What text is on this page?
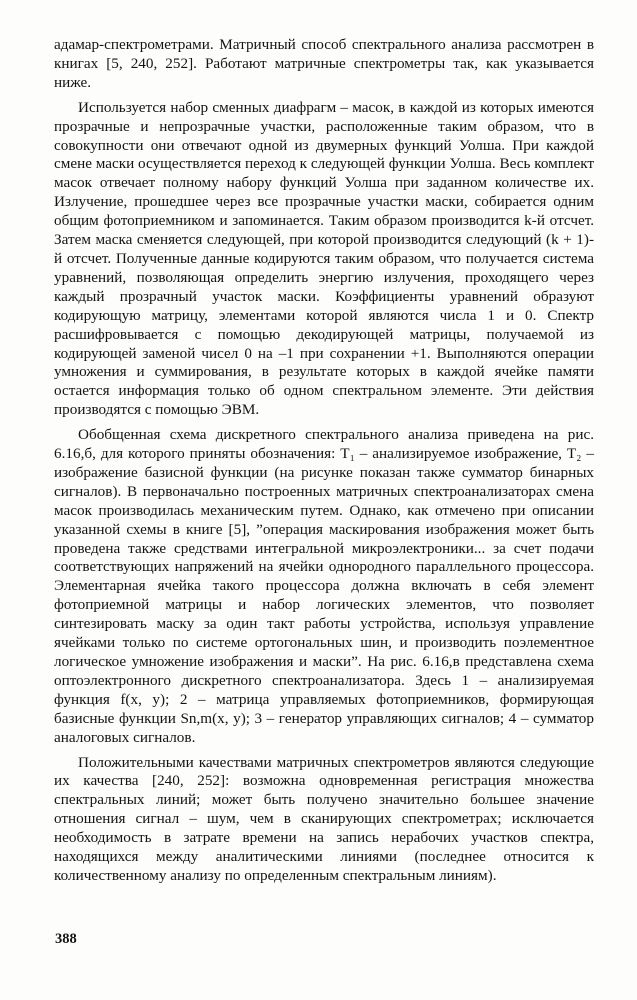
адамар-спектрометрами. Матричный способ спектрального анализа рассмотрен в книгах [5, 240, 252]. Работают матричные спектрометры так, как указывается ниже.

Используется набор сменных диафрагм – масок, в каждой из которых имеются прозрачные и непрозрачные участки, расположенные таким образом, что в совокупности они отвечают одной из двумерных функций Уолша. При каждой смене маски осуществляется переход к следующей функции Уолша. Весь комплект масок отвечает полному набору функций Уолша при заданном количестве их. Излучение, прошедшее через все прозрачные участки маски, собирается одним общим фотоприемником и запоминается. Таким образом производится k-й отсчет. Затем маска сменяется следующей, при которой производится следующий (k + 1)-й отсчет. Полученные данные кодируются таким образом, что получается система уравнений, позволяющая определить энергию излучения, проходящего через каждый прозрачный участок маски. Коэффициенты уравнений образуют кодирующую матрицу, элементами которой являются числа 1 и 0. Спектр расшифровывается с помощью декодирующей матрицы, получаемой из кодирующей заменой чисел 0 на –1 при сохранении +1. Выполняются операции умножения и суммирования, в результате которых в каждой ячейке памяти остается информация только об одном спектральном элементе. Эти действия производятся с помощью ЭВМ.

Обобщенная схема дискретного спектрального анализа приведена на рис. 6.16,б, для которого приняты обозначения: T₁ – анализируемое изображение, T₂ – изображение базисной функции (на рисунке показан также сумматор бинарных сигналов). В первоначально построенных матричных спектроанализаторах смена масок производилась механическим путем. Однако, как отмечено при описании указанной схемы в книге [5], ”операция маскирования изображения может быть проведена также средствами интегральной микроэлектроники... за счет подачи соответствующих напряжений на ячейки однородного параллельного процессора. Элементарная ячейка такого процессора должна включать в себя элемент фотоприемной матрицы и набор логических элементов, что позволяет синтезировать маску за один такт работы устройства, используя управление ячейками только по системе ортогональных шин, и производить поэлементное логическое умножение изображения и маски”. На рис. 6.16,в представлена схема оптоэлектронного дискретного спектроанализатора. Здесь 1 – анализируемая функция f(x, y); 2 – матрица управляемых фотоприемников, формирующая базисные функции Sn,m(x, y); 3 – генератор управляющих сигналов; 4 – сумматор аналоговых сигналов.

Положительными качествами матричных спектрометров являются следующие их качества [240, 252]: возможна одновременная регистрация множества спектральных линий; может быть получено значительно большее значение отношения сигнал – шум, чем в сканирующих спектрометрах; исключается необходимость в затрате времени на запись нерабочих участков спектра, находящихся между аналитическими линиями (последнее относится к количественному анализу по определенным спектральным линиям).

388
